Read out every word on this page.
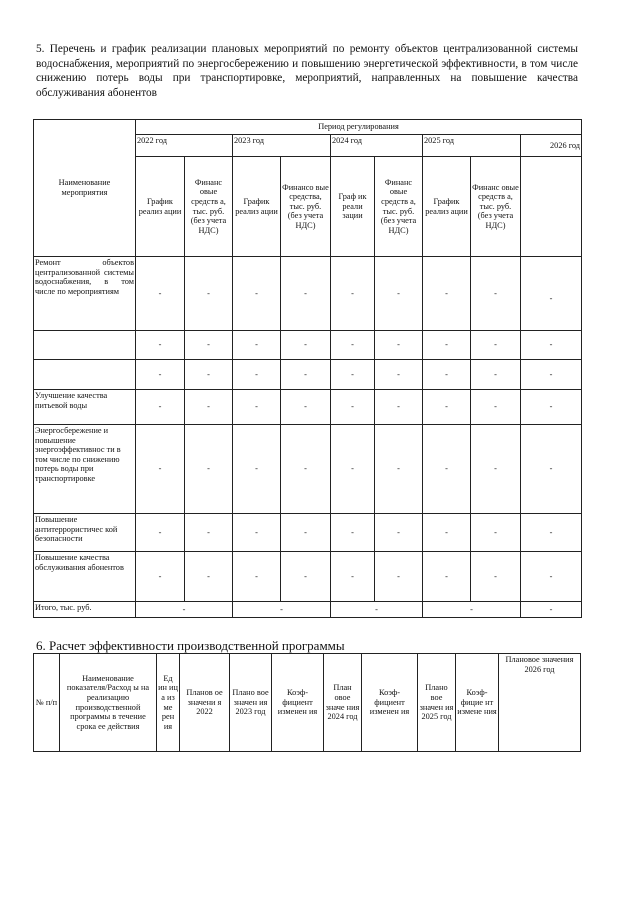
5. Перечень и график реализации плановых мероприятий по ремонту объектов централизованной системы водоснабжения, мероприятий по энергосбережению и повышению энергетической эффективности, в том числе снижению потерь воды при транспортировке, мероприятий, направленных на повышение качества обслуживания абонентов
Наименование мероприятия	Период регулирования								
	2022 год		2023 год		2024 год		2025 год		2026 год
	График реализ ации	Финанс овые средств а, тыс. руб. (без учета НДС)	График реализ ации	Финансо вые средства, тыс. руб. (без учета НДС)	Граф ик реали зации	Финанс овые средств а, тыс. руб. (без учета НДС)	График реализ ации	Финанс овые средств а, тыс. руб. (без учета НДС)	
Ремонт объектов централизованной системы водоснабжения, в том числе по мероприятиям	-	-	-	-	-	-	-	-	-
	-	-	-	-	-	-	-	-	-
	-	-	-	-	-	-	-	-	-
Улучшение качества питьевой воды	-	-	-	-	-	-	-	-	-
Энергосбережение и повышение энергоэффективнос ти в том числе по снижению потерь воды при транспортировке	-	-	-	-	-	-	-	-	-
Повышение антитеррористичес кой безопасности	-	-	-	-	-	-	-	-	-
Повышение качества обслуживания абонентов	-	-	-	-	-	-	-	-	-
Итого, тыс. руб.	-		-		-		-		-
6. Расчет эффективности производственной программы
№ п/п	Наименование показателя/Расход ы на реализацию производственной программы в течение срока ее действия	Ед ин иц а из ме рен ия	Планов ое значени я 2022	Плано вое значен ия 2023 год	Коэф- фициент изменен ия	План овое значе ния 2024 год	Коэф- фициент изменен ия	Плано вое значен ия 2025 год	Коэф- фицие нт измене ния	Плановое значения 2026 год
